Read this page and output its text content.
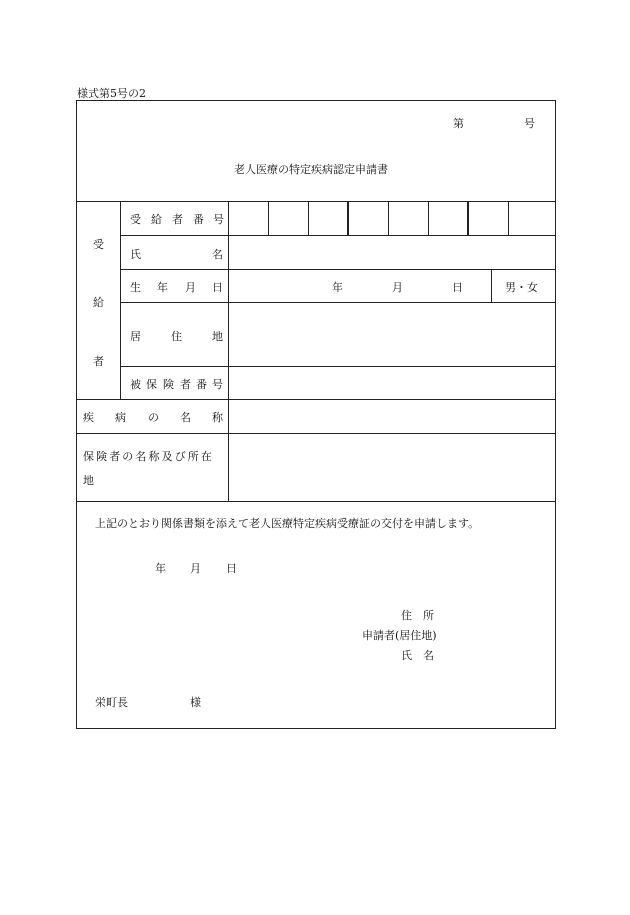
様式第5号の2
第	号
老人医療の特定疾病認定申請書
受
給
者
受 給 者 番 号
氏	名
生 年 月 日	年	月	日	男・女
居	住	地
被 保 険 者 番 号
疾 病 の 名 称
保険者の名称及び所在
地
上記のとおり関係書類を添えて老人医療特定疾病受療証の交付を申請します。
年 月 日
住　所
申請者(居住地)
氏　名
栄町長	様
